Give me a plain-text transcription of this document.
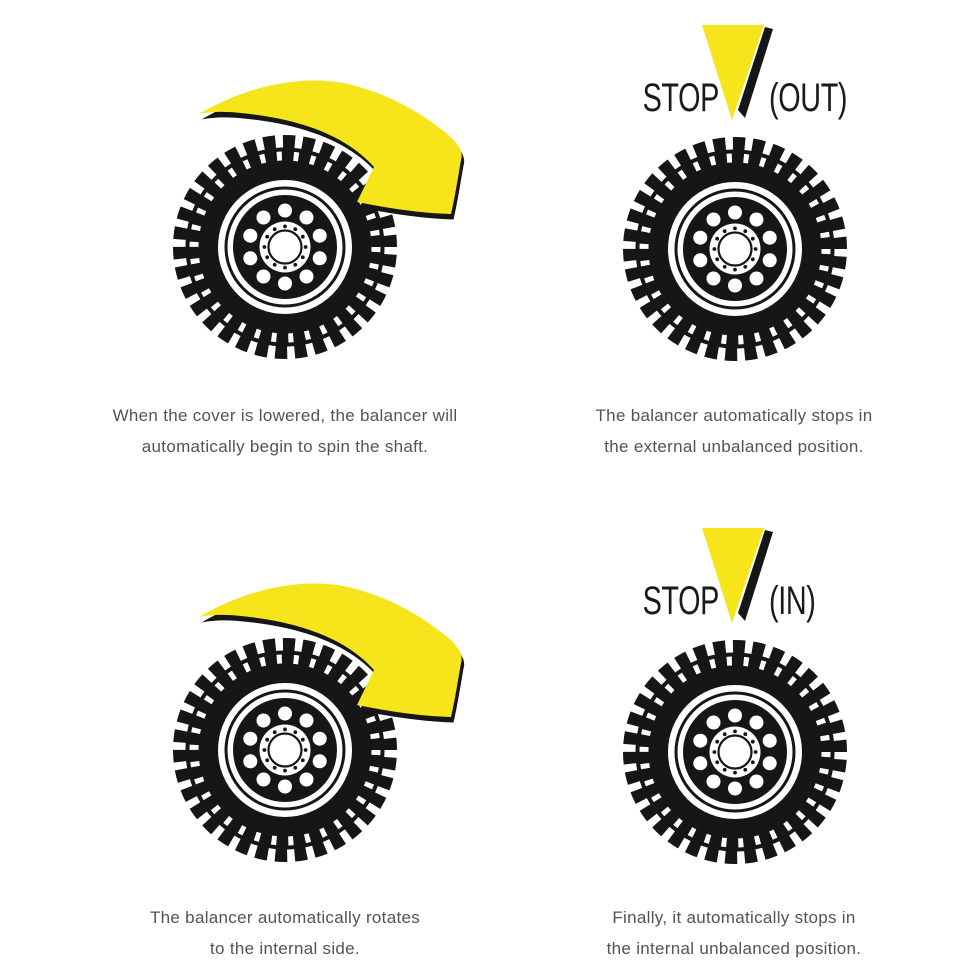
STOP (OUT)
STOP (IN)
When the cover is lowered, the balancer will
automatically begin to spin the shaft.
The balancer automatically stops in
the external unbalanced position.
The balancer automatically rotates
to the internal side.
Finally, it automatically stops in
the internal unbalanced position.
